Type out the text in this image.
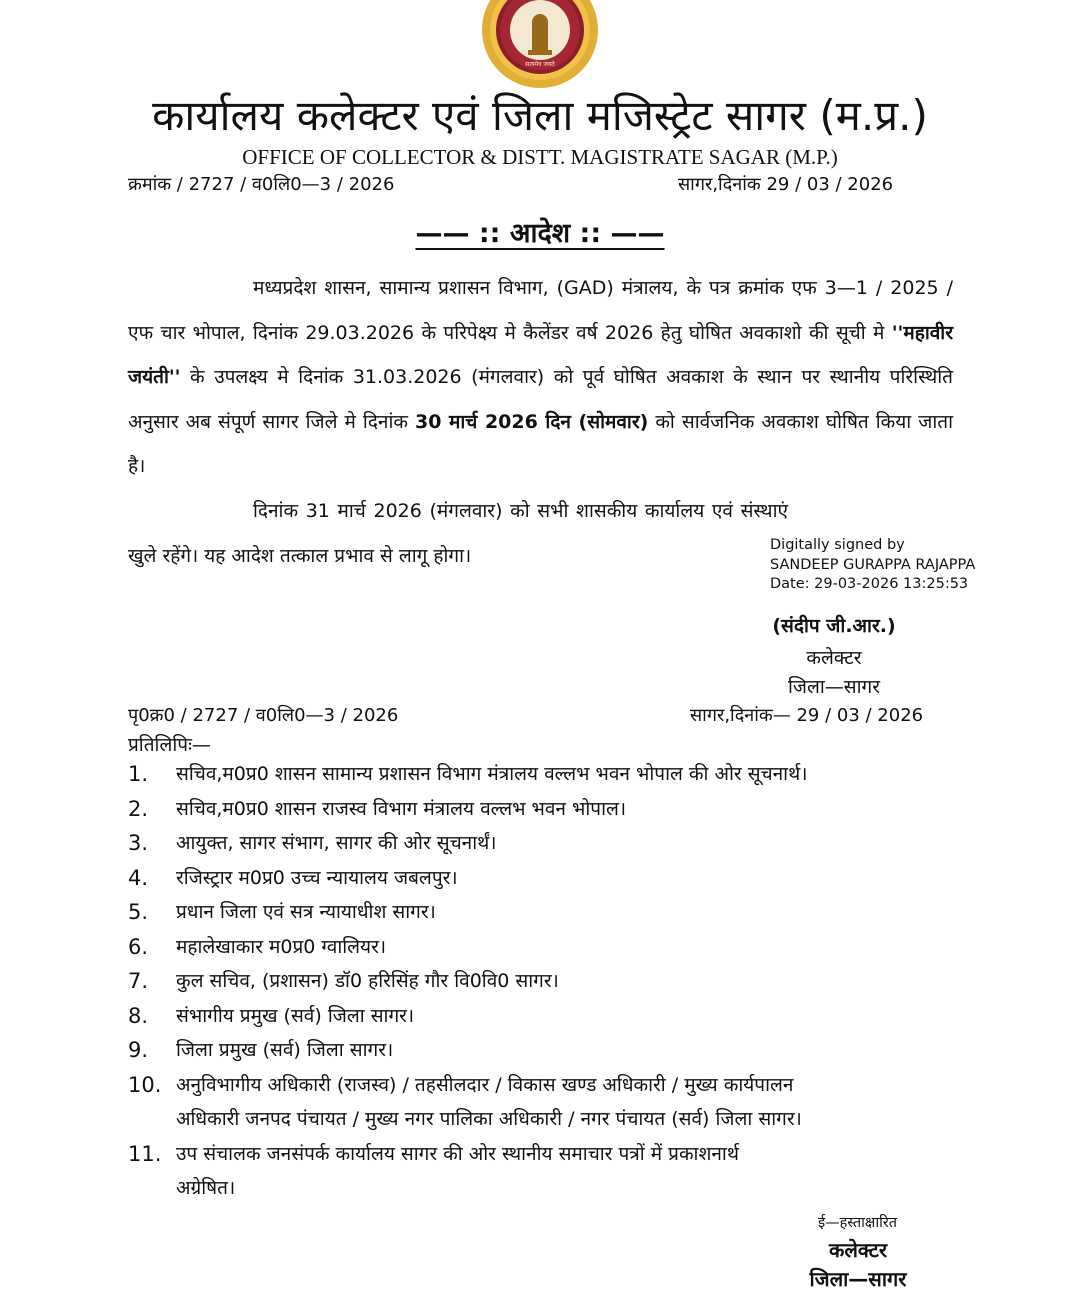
सत्यमेव जयते
कार्यालय कलेक्टर एवं जिला मजिस्ट्रेट सागर (म.प्र.)
OFFICE OF COLLECTOR & DISTT. MAGISTRATE SAGAR (M.P.)
क्रमांक / 2727 / व0लि0—3 / 2026	सागर,दिनांक 29 / 03 / 2026
—— :: आदेश :: ——
मध्यप्रदेश शासन, सामान्य प्रशासन विभाग, (GAD) मंत्रालय, के पत्र क्रमांक एफ 3—1 / 2025 / एफ चार भोपाल, दिनांक 29.03.2026 के परिपेक्ष्य मे कैलेंडर वर्ष 2026 हेतु घोषित अवकाशो की सूची मे ''महावीर जयंती'' के उपलक्ष्य मे दिनांक 31.03.2026 (मंगलवार) को पूर्व घोषित अवकाश के स्थान पर स्थानीय परिस्थिति अनुसार अब संपूर्ण सागर जिले मे दिनांक 30 मार्च 2026 दिन (सोमवार) को सार्वजनिक अवकाश घोषित किया जाता है।
दिनांक 31 मार्च 2026 (मंगलवार) को सभी शासकीय कार्यालय एवं संस्थाएं खुले रहेंगे। यह आदेश तत्काल प्रभाव से लागू होगा।	Digitally signed by
SANDEEP GURAPPA RAJAPPA
Date: 29-03-2026 13:25:53
(संदीप जी.आर.)
कलेक्टर
जिला—सागर
पृ0क्र0 / 2727 / व0लि0—3 / 2026	सागर,दिनांक— 29 / 03 / 2026
प्रतिलिपिः—
1. सचिव,म0प्र0 शासन सामान्य प्रशासन विभाग मंत्रालय वल्लभ भवन भोपाल की ओर सूचनार्थ।
2. सचिव,म0प्र0 शासन राजस्व विभाग मंत्रालय वल्लभ भवन भोपाल।
3. आयुक्त, सागर संभाग, सागर की ओर सूचनार्थं।
4. रजिस्ट्रार म0प्र0 उच्च न्यायालय जबलपुर।
5. प्रधान जिला एवं सत्र न्यायाधीश सागर।
6. महालेखाकार म0प्र0 ग्वालियर।
7. कुल सचिव, (प्रशासन) डॉ0 हरिसिंह गौर वि0वि0 सागर।
8. संभागीय प्रमुख (सर्व) जिला सागर।
9. जिला प्रमुख (सर्व) जिला सागर।
10. अनुविभागीय अधिकारी (राजस्व) / तहसीलदार / विकास खण्ड अधिकारी / मुख्य कार्यपालन
अधिकारी जनपद पंचायत / मुख्य नगर पालिका अधिकारी / नगर पंचायत (सर्व) जिला सागर।
11. उप संचालक जनसंपर्क कार्यालय सागर की ओर स्थानीय समाचार पत्रों में प्रकाशनार्थ
अग्रेषित।
ई—हस्ताक्षारित
कलेक्टर
जिला—सागर
